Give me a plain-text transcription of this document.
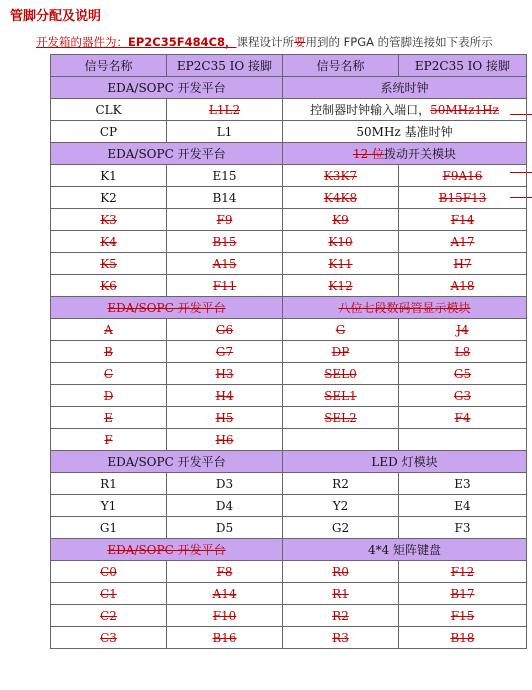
管脚分配及说明
开发箱的器件为：EP2C35F484C8，课程设计所要用到的 FPGA 的管脚连接如下表所示
信号名称	EP2C35 IO 接脚	信号名称	EP2C35 IO 接脚
EDA/SOPC 开发平台		系统时钟	
CLK	L1L2	控制器时钟输入端口，50MHz1Hz	
CP	L1	50MHz 基准时钟	
EDA/SOPC 开发平台		12 位拨动开关模块	
K1	E15	K3K7	F9A16
K2	B14	K4K8	B15F13
K3	F9	K9	F14
K4	B15	K10	A17
K5	A15	K11	H7
K6	F11	K12	A18
EDA/SOPC 开发平台		八位七段数码管显示模块	
A	G6	G	J4
B	G7	DP	L8
C	H3	SEL0	G5
D	H4	SEL1	G3
E	H5	SEL2	F4
F	H6		
EDA/SOPC 开发平台		LED 灯模块	
R1	D3	R2	E3
Y1	D4	Y2	E4
G1	D5	G2	F3
EDA/SOPC 开发平台		4*4 矩阵键盘	
C0	F8	R0	F12
C1	A14	R1	B17
C2	F10	R2	F15
C3	B16	R3	B18
